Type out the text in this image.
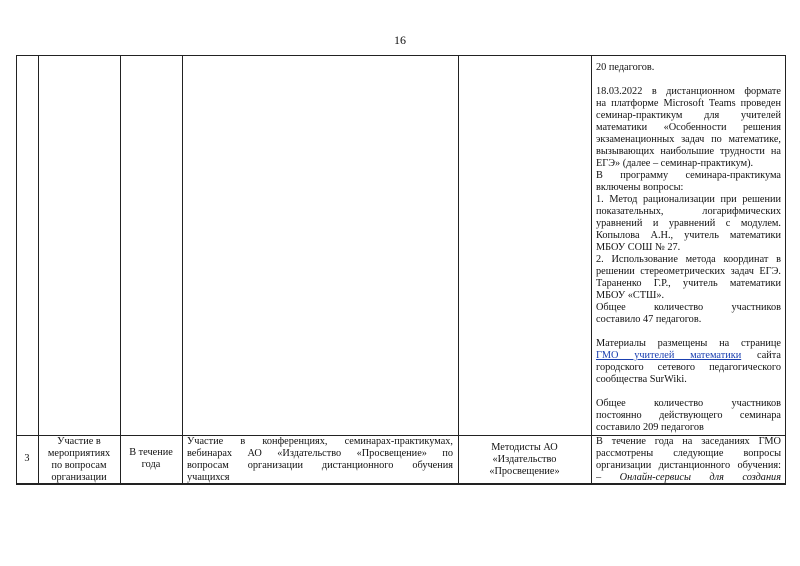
16
20 педагогов.
18.03.2022 в дистанционном формате
на платформе Microsoft Teams проведен
семинар-практикум для учителей
математики «Особенности решения
экзаменационных задач по математике,
вызывающих наибольшие трудности на
ЕГЭ» (далее – семинар-практикум).
В программу семинара-практикума
включены вопросы:
1. Метод рационализации при решении
показательных, логарифмических
уравнений и уравнений с модулем.
Копылова А.Н., учитель математики
МБОУ СОШ № 27.
2. Использование метода координат в
решении стереометрических задач ЕГЭ.
Тараненко Г.Р., учитель математики
МБОУ «СТШ».
Общее количество участников
составило 47 педагогов.
Материалы размещены на странице
ГМО учителей математики сайта
городского сетевого педагогического
сообщества SurWiki.
Общее количество участников
постоянно действующего семинара
составило 209 педагогов
3
Участие в
мероприятиях
по вопросам
организации
В течение
года
Участие в конференциях, семинарах-практикумах,
вебинарах АО «Издательство «Просвещение» по
вопросам организации дистанционного обучения
учащихся
Методисты АО
«Издательство
«Просвещение»
В течение года на заседаниях ГМО
рассмотрены следующие вопросы
организации дистанционного обучения:
– Онлайн-сервисы для создания
